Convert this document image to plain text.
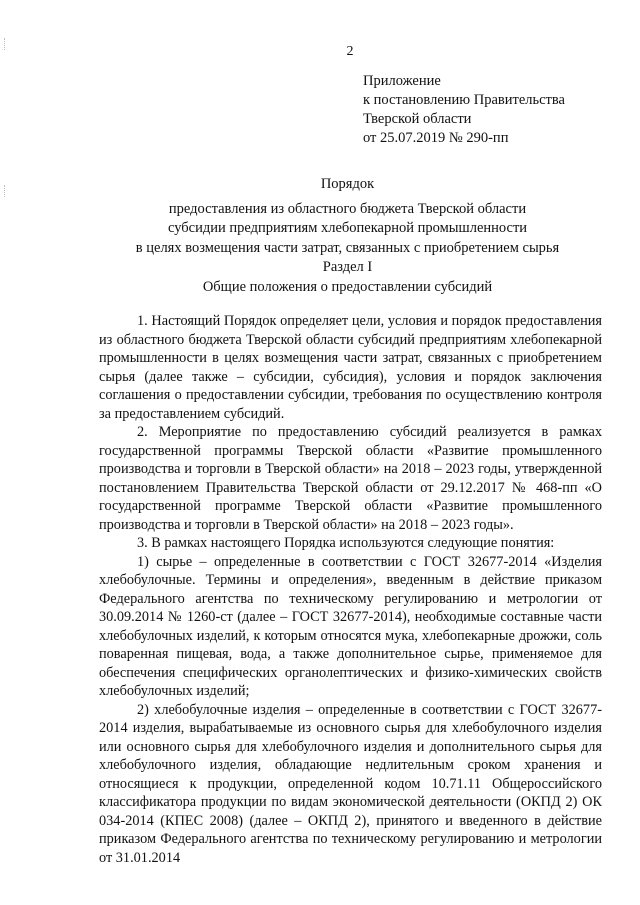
2
Приложение
к постановлению Правительства
Тверской области
от 25.07.2019 № 290-пп
Порядок
предоставления из областного бюджета Тверской области
субсидии предприятиям хлебопекарной промышленности
в целях возмещения части затрат, связанных с приобретением сырья
Раздел I
Общие положения о предоставлении субсидий

1. Настоящий Порядок определяет цели, условия и порядок предоставления из областного бюджета Тверской области субсидий предприятиям хлебопекарной промышленности в целях возмещения части затрат, связанных с приобретением сырья (далее также – субсидии, субсидия), условия и порядок заключения соглашения о предоставлении субсидии, требования по осуществлению контроля за предоставлением субсидий.

2. Мероприятие по предоставлению субсидий реализуется в рамках государственной программы Тверской области «Развитие промышленного производства и торговли в Тверской области» на 2018 – 2023 годы, утвержденной постановлением Правительства Тверской области от 29.12.2017 № 468-пп «О государственной программе Тверской области «Развитие промышленного производства и торговли в Тверской области» на 2018 – 2023 годы».

3. В рамках настоящего Порядка используются следующие понятия:

1) сырье – определенные в соответствии с ГОСТ 32677-2014 «Изделия хлебобулочные. Термины и определения», введенным в действие приказом Федерального агентства по техническому регулированию и метрологии от 30.09.2014 № 1260-ст (далее – ГОСТ 32677-2014), необходимые составные части хлебобулочных изделий, к которым относятся мука, хлебопекарные дрожжи, соль поваренная пищевая, вода, а также дополнительное сырье, применяемое для обеспечения специфических органолептических и физико-химических свойств хлебобулочных изделий;

2) хлебобулочные изделия – определенные в соответствии с ГОСТ 32677-2014 изделия, вырабатываемые из основного сырья для хлебобулочного изделия или основного сырья для хлебобулочного изделия и дополнительного сырья для хлебобулочного изделия, обладающие недлительным сроком хранения и относящиеся к продукции, определенной кодом 10.71.11 Общероссийского классификатора продукции по видам экономической деятельности (ОКПД 2) ОК 034-2014 (КПЕС 2008) (далее – ОКПД 2), принятого и введенного в действие приказом Федерального агентства по техническому регулированию и метрологии от 31.01.2014
